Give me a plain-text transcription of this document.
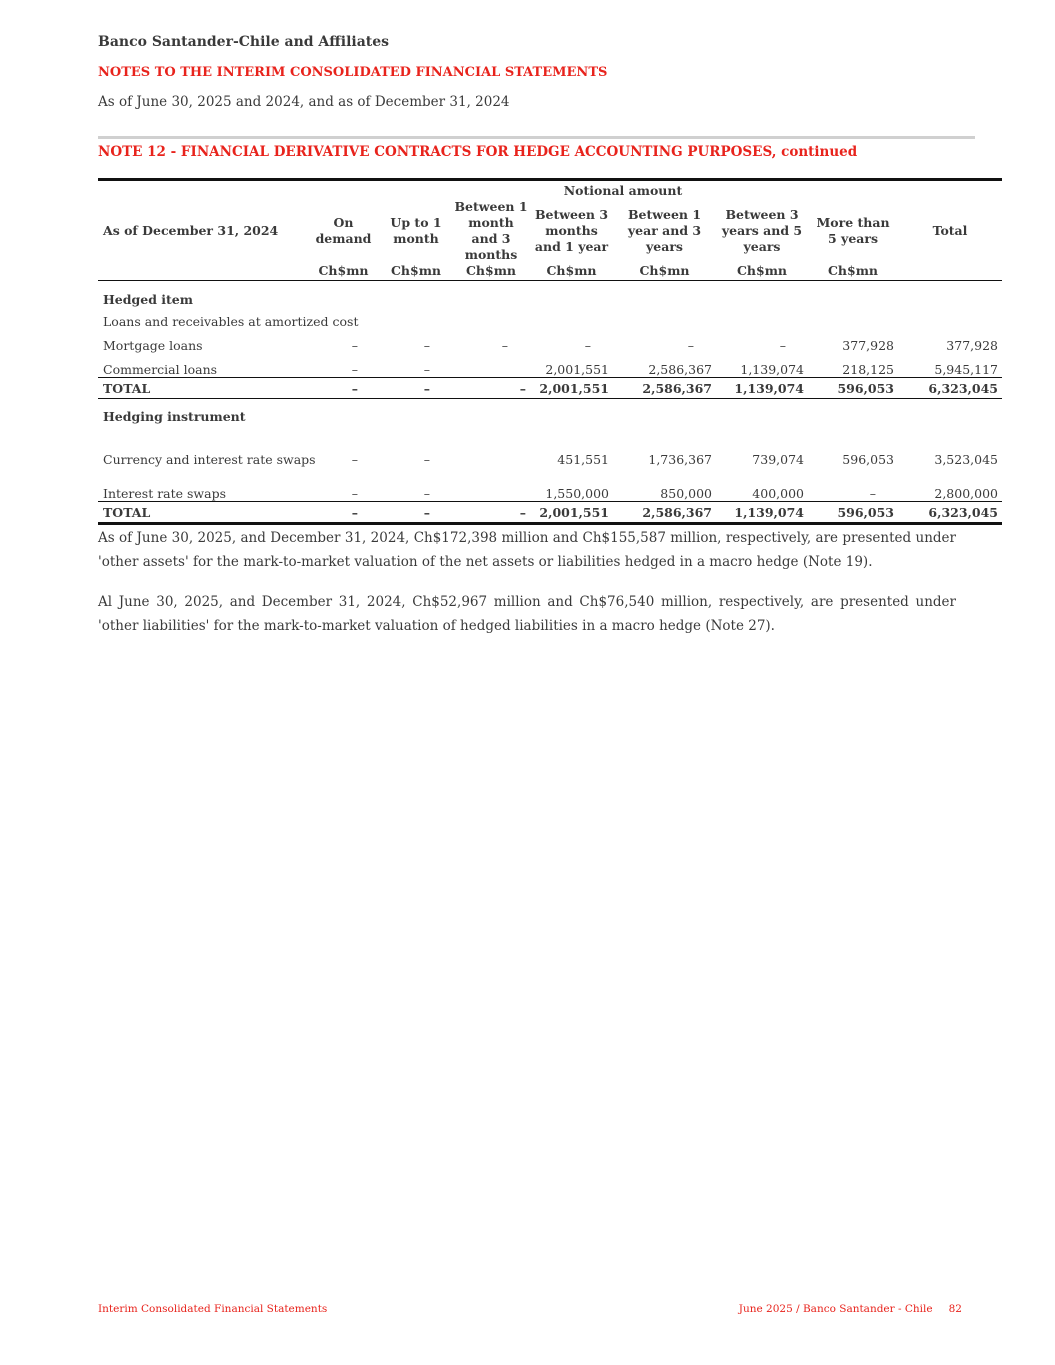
Banco Santander-Chile and Affiliates
NOTES TO THE INTERIM CONSOLIDATED FINANCIAL STATEMENTS
As of June 30, 2025 and 2024, and as of December 31, 2024
NOTE 12 - FINANCIAL DERIVATIVE CONTRACTS FOR HEDGE ACCOUNTING PURPOSES, continued
				Notional amount				
As of December 31, 2024	On demand	Up to 1 month	Between 1 month and 3 months	Between 3 months and 1 year	Between 1 year and 3 years	Between 3 years and 5 years	More than 5 years	Total
	Ch$mn	Ch$mn	Ch$mn	Ch$mn	Ch$mn	Ch$mn	Ch$mn	
Hedged item								
Loans and receivables at amortized cost								
Mortgage loans	–	–	–	–	–	–	377,928	377,928
Commercial loans	–	–		2,001,551	2,586,367	1,139,074	218,125	5,945,117
TOTAL	–	–	–	2,001,551	2,586,367	1,139,074	596,053	6,323,045
Hedging instrument								
Currency and interest rate swaps	–	–		451,551	1,736,367	739,074	596,053	3,523,045
Interest rate swaps	–	–		1,550,000	850,000	400,000	–	2,800,000
TOTAL	–	–	–	2,001,551	2,586,367	1,139,074	596,053	6,323,045

As of June 30, 2025, and December 31, 2024, Ch$172,398 million and Ch$155,587 million, respectively, are presented under 'other assets' for the mark-to-market valuation of the net assets or liabilities hedged in a macro hedge (Note 19).

Al June 30, 2025, and December 31, 2024, Ch$52,967 million and Ch$76,540 million, respectively, are presented under 'other liabilities' for the mark-to-market valuation of hedged liabilities in a macro hedge (Note 27).

Interim Consolidated Financial Statements	June 2025 / Banco Santander - Chile 82
